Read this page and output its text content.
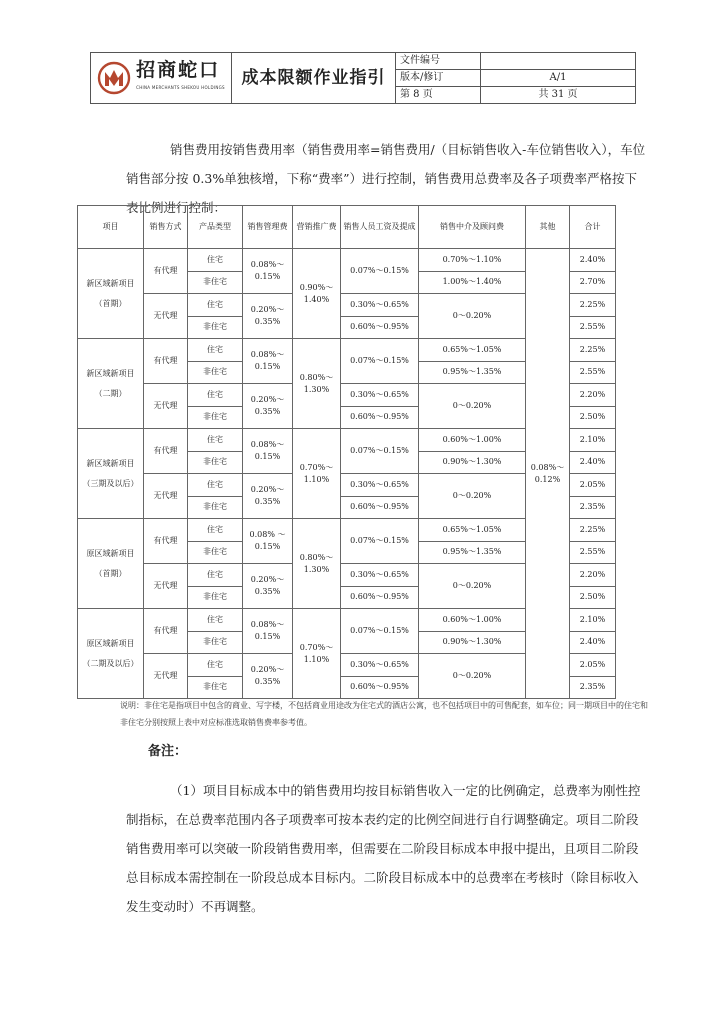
招商蛇口
CHINA MERCHANTS SHEKOU HOLDINGS	成本限额作业指引	文件编号	
		版本/修订	A/1
		第 8 页	共 31 页

销售费用按销售费用率（销售费用率=销售费用/（目标销售收入-车位销售收入），车位销售部分按 0.3%单独核增，下称“费率”）进行控制，销售费用总费率及各子项费率严格按下表比例进行控制：

项目	销售方式	产品类型	销售管理费	营销推广费	销售人员工资及提成	销售中介及顾问费	其他	合计
新区域新项目（首期）	有代理	住宅	0.08%～0.15%	0.90%～1.40%	0.07%～0.15%	0.70%～1.10%	0.08%～0.12%	2.40%
		非住宅				1.00%～1.40%		2.70%
	无代理	住宅	0.20%～0.35%		0.30%～0.65%	0～0.20%		2.25%
		非住宅			0.60%～0.95%			2.55%
新区域新项目（二期）	有代理	住宅	0.08%～0.15%	0.80%～1.30%	0.07%～0.15%	0.65%～1.05%		2.25%
		非住宅				0.95%～1.35%		2.55%
	无代理	住宅	0.20%～0.35%		0.30%～0.65%	0～0.20%		2.20%
		非住宅			0.60%～0.95%			2.50%
新区域新项目（三期及以后）	有代理	住宅	0.08%～0.15%	0.70%～1.10%	0.07%～0.15%	0.60%～1.00%		2.10%
		非住宅				0.90%～1.30%		2.40%
	无代理	住宅	0.20%～0.35%		0.30%～0.65%	0～0.20%		2.05%
		非住宅			0.60%～0.95%			2.35%
原区域新项目（首期）	有代理	住宅	0.08% ～0.15%	0.80%～1.30%	0.07%～0.15%	0.65%～1.05%		2.25%
		非住宅				0.95%～1.35%		2.55%
	无代理	住宅	0.20%～0.35%		0.30%～0.65%	0～0.20%		2.20%
		非住宅			0.60%～0.95%			2.50%
原区域新项目（二期及以后）	有代理	住宅	0.08%～0.15%	0.70%～1.10%	0.07%～0.15%	0.60%～1.00%		2.10%
		非住宅				0.90%～1.30%		2.40%
	无代理	住宅	0.20%～0.35%		0.30%～0.65%	0～0.20%		2.05%
		非住宅			0.60%～0.95%			2.35%
说明：非住宅是指项目中包含的商业、写字楼，不包括商业用途改为住宅式的酒店公寓，也不包括项目中的可售配套，如车位；同一期项目中的住宅和非住宅分别按照上表中对应标准选取销售费率参考值。
备注：

（1）项目目标成本中的销售费用均按目标销售收入一定的比例确定，总费率为刚性控制指标，在总费率范围内各子项费率可按本表约定的比例空间进行自行调整确定。项目二阶段销售费用率可以突破一阶段销售费用率，但需要在二阶段目标成本申报中提出，且项目二阶段总目标成本需控制在一阶段总成本目标内。二阶段目标成本中的总费率在考核时（除目标收入发生变动时）不再调整。
